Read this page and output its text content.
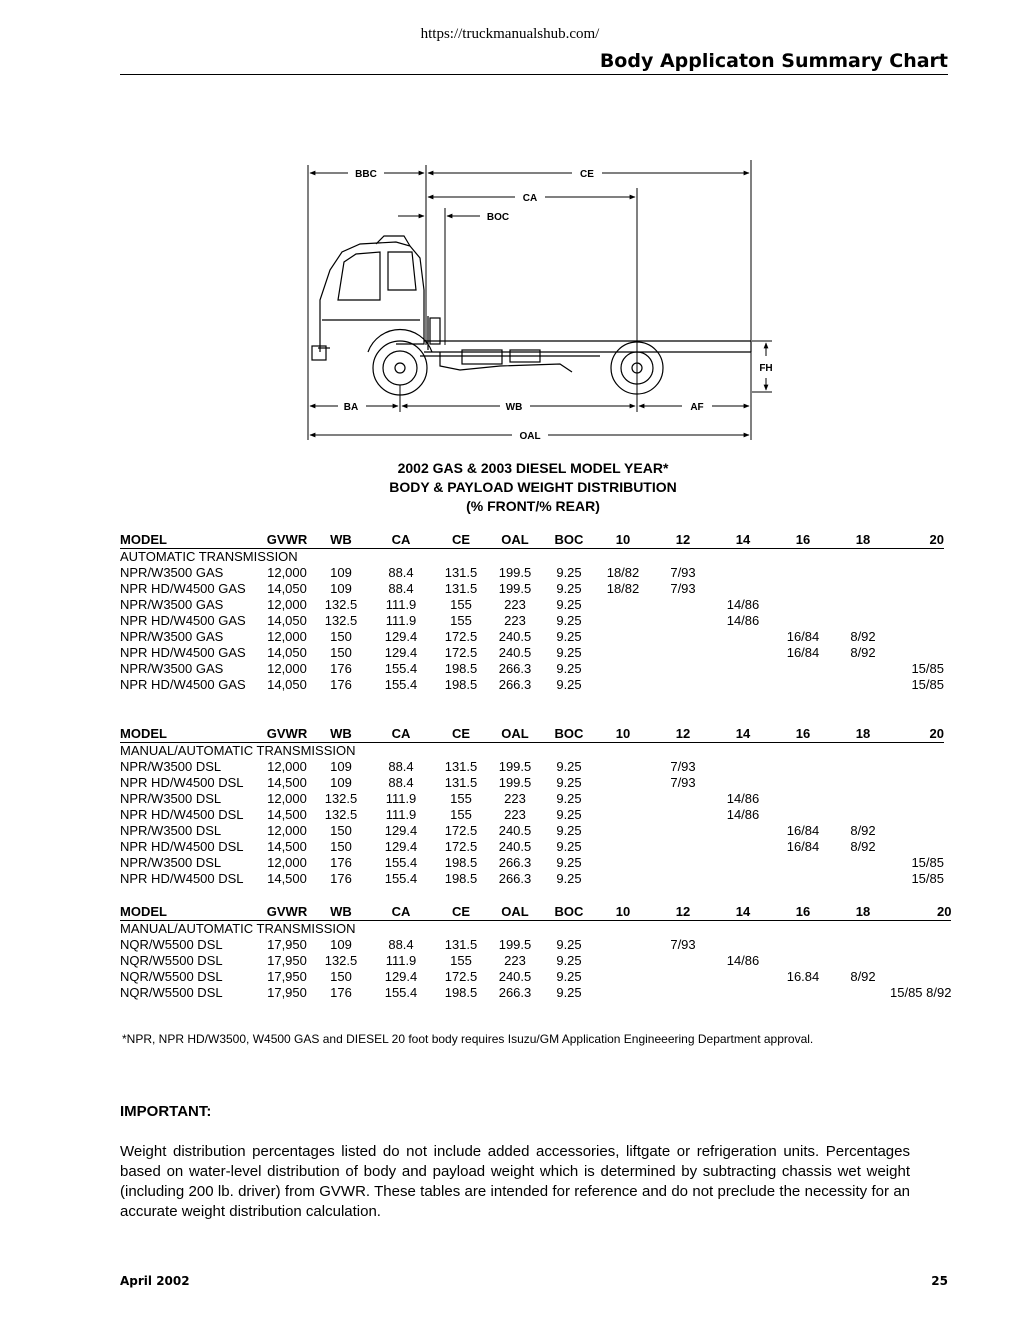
https://truckmanualshub.com/
Body Applicaton Summary Chart
BBC	CE
CA
BOC
FH
BA	WB	AF
OAL
2002 GAS & 2003 DIESEL MODEL YEAR*
BODY & PAYLOAD WEIGHT DISTRIBUTION
(% FRONT/% REAR)
MODEL	GVWR	WB	CA	CE	OAL	BOC	10	12	14	16	18	20
AUTOMATIC TRANSMISSION												
NPR/W3500 GAS	12,000	109	88.4	131.5	199.5	9.25	18/82	7/93				
NPR HD/W4500 GAS	14,050	109	88.4	131.5	199.5	9.25	18/82	7/93				
NPR/W3500 GAS	12,000	132.5	111.9	155	223	9.25			14/86			
NPR HD/W4500 GAS	14,050	132.5	111.9	155	223	9.25			14/86			
NPR/W3500 GAS	12,000	150	129.4	172.5	240.5	9.25				16/84	8/92	
NPR HD/W4500 GAS	14,050	150	129.4	172.5	240.5	9.25				16/84	8/92	
NPR/W3500 GAS	12,000	176	155.4	198.5	266.3	9.25						15/85
NPR HD/W4500 GAS	14,050	176	155.4	198.5	266.3	9.25						15/85
MODEL	GVWR	WB	CA	CE	OAL	BOC	10	12	14	16	18	20
MANUAL/AUTOMATIC TRANSMISSION												
NPR/W3500 DSL	12,000	109	88.4	131.5	199.5	9.25		7/93				
NPR HD/W4500 DSL	14,500	109	88.4	131.5	199.5	9.25		7/93				
NPR/W3500 DSL	12,000	132.5	111.9	155	223	9.25			14/86			
NPR HD/W4500 DSL	14,500	132.5	111.9	155	223	9.25			14/86			
NPR/W3500 DSL	12,000	150	129.4	172.5	240.5	9.25				16/84	8/92	
NPR HD/W4500 DSL	14,500	150	129.4	172.5	240.5	9.25				16/84	8/92	
NPR/W3500 DSL	12,000	176	155.4	198.5	266.3	9.25						15/85
NPR HD/W4500 DSL	14,500	176	155.4	198.5	266.3	9.25						15/85
MODEL	GVWR	WB	CA	CE	OAL	BOC	10	12	14	16	18	20
MANUAL/AUTOMATIC TRANSMISSION												
NQR/W5500 DSL	17,950	109	88.4	131.5	199.5	9.25		7/93				
NQR/W5500 DSL	17,950	132.5	111.9	155	223	9.25			14/86			
NQR/W5500 DSL	17,950	150	129.4	172.5	240.5	9.25				16.84	8/92	
NQR/W5500 DSL	17,950	176	155.4	198.5	266.3	9.25						15/85 8/92
*NPR, NPR HD/W3500, W4500 GAS and DIESEL 20 foot body requires Isuzu/GM Application Engineeering Department approval.
IMPORTANT:
Weight distribution percentages listed do not include added accessories, liftgate or refrigeration units. Percentages based on water-level distribution of body and payload weight which is determined by subtracting chassis wet weight (including 200 lb. driver) from GVWR. These tables are intended for reference and do not preclude the necessity for an accurate weight distribution calculation.
April 2002	25
